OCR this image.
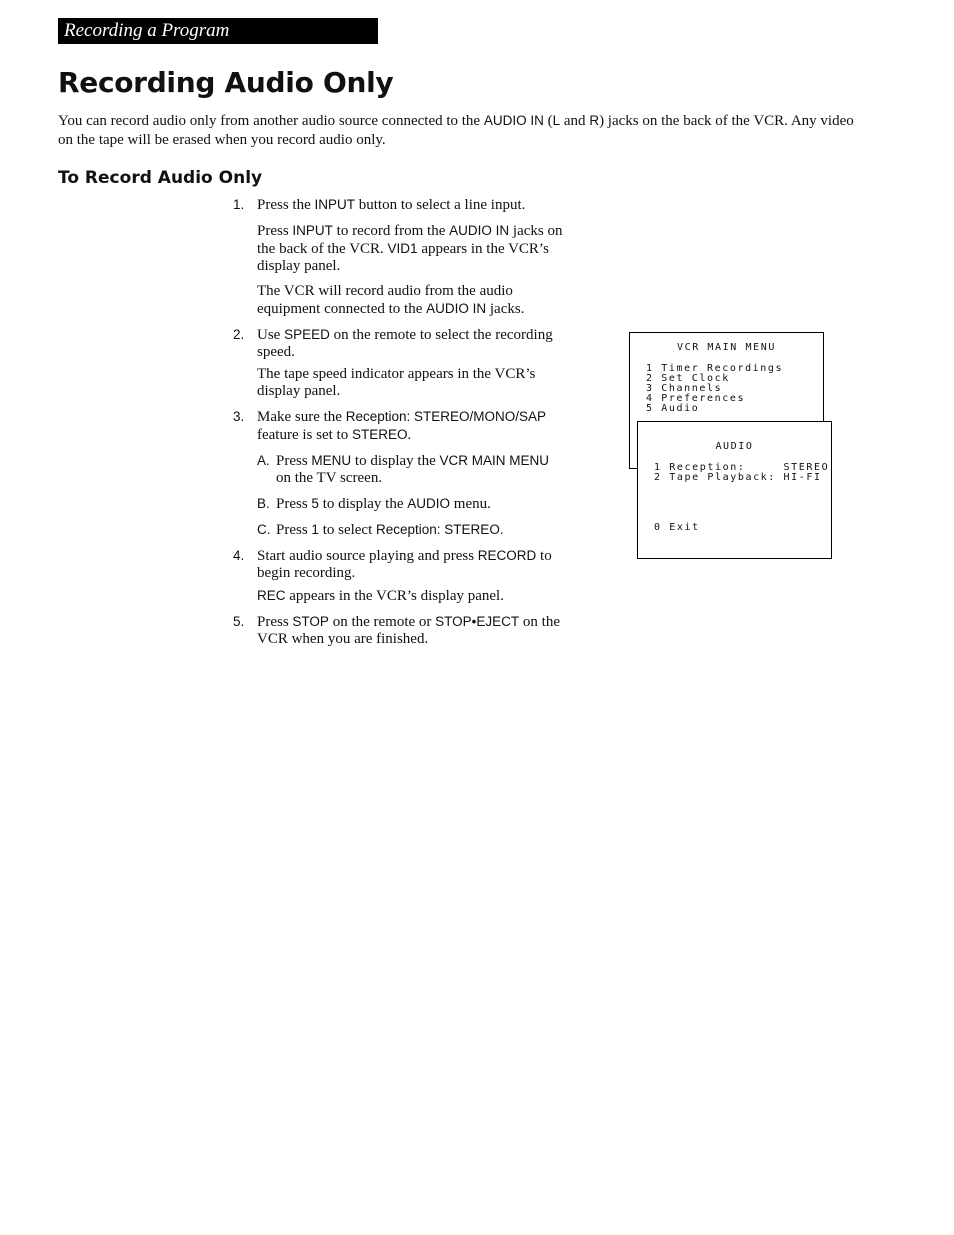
Recording a Program
Recording Audio Only

You can record audio only from another audio source connected to the AUDIO IN (L and R) jacks on the back of the VCR. Any video on the tape will be erased when you record audio only.

To Record Audio Only
1. Press the INPUT button to select a line input.

Press INPUT to record from the AUDIO IN jacks on the back of the VCR. VID1 appears in the VCR’s display panel.

The VCR will record audio from the audio equipment connected to the AUDIO IN jacks.

2. Use SPEED on the remote to select the recording speed.

The tape speed indicator appears in the VCR’s display panel.

3. Make sure the Reception: STEREO/MONO/SAP feature is set to STEREO.

A. Press MENU to display the VCR MAIN MENU on the TV screen.
B. Press 5 to display the AUDIO menu.
C. Press 1 to select Reception: STEREO.
4. Start audio source playing and press RECORD to begin recording.

REC appears in the VCR’s display panel.

5. Press STOP on the remote or STOP•EJECT on the VCR when you are finished.

VCR MAIN MENU

1 Timer Recordings

2 Set Clock

3 Channels

4 Preferences

5 Audio

AUDIO

1 Reception:     STEREO

2 Tape Playback: HI-FI

0 Exit
